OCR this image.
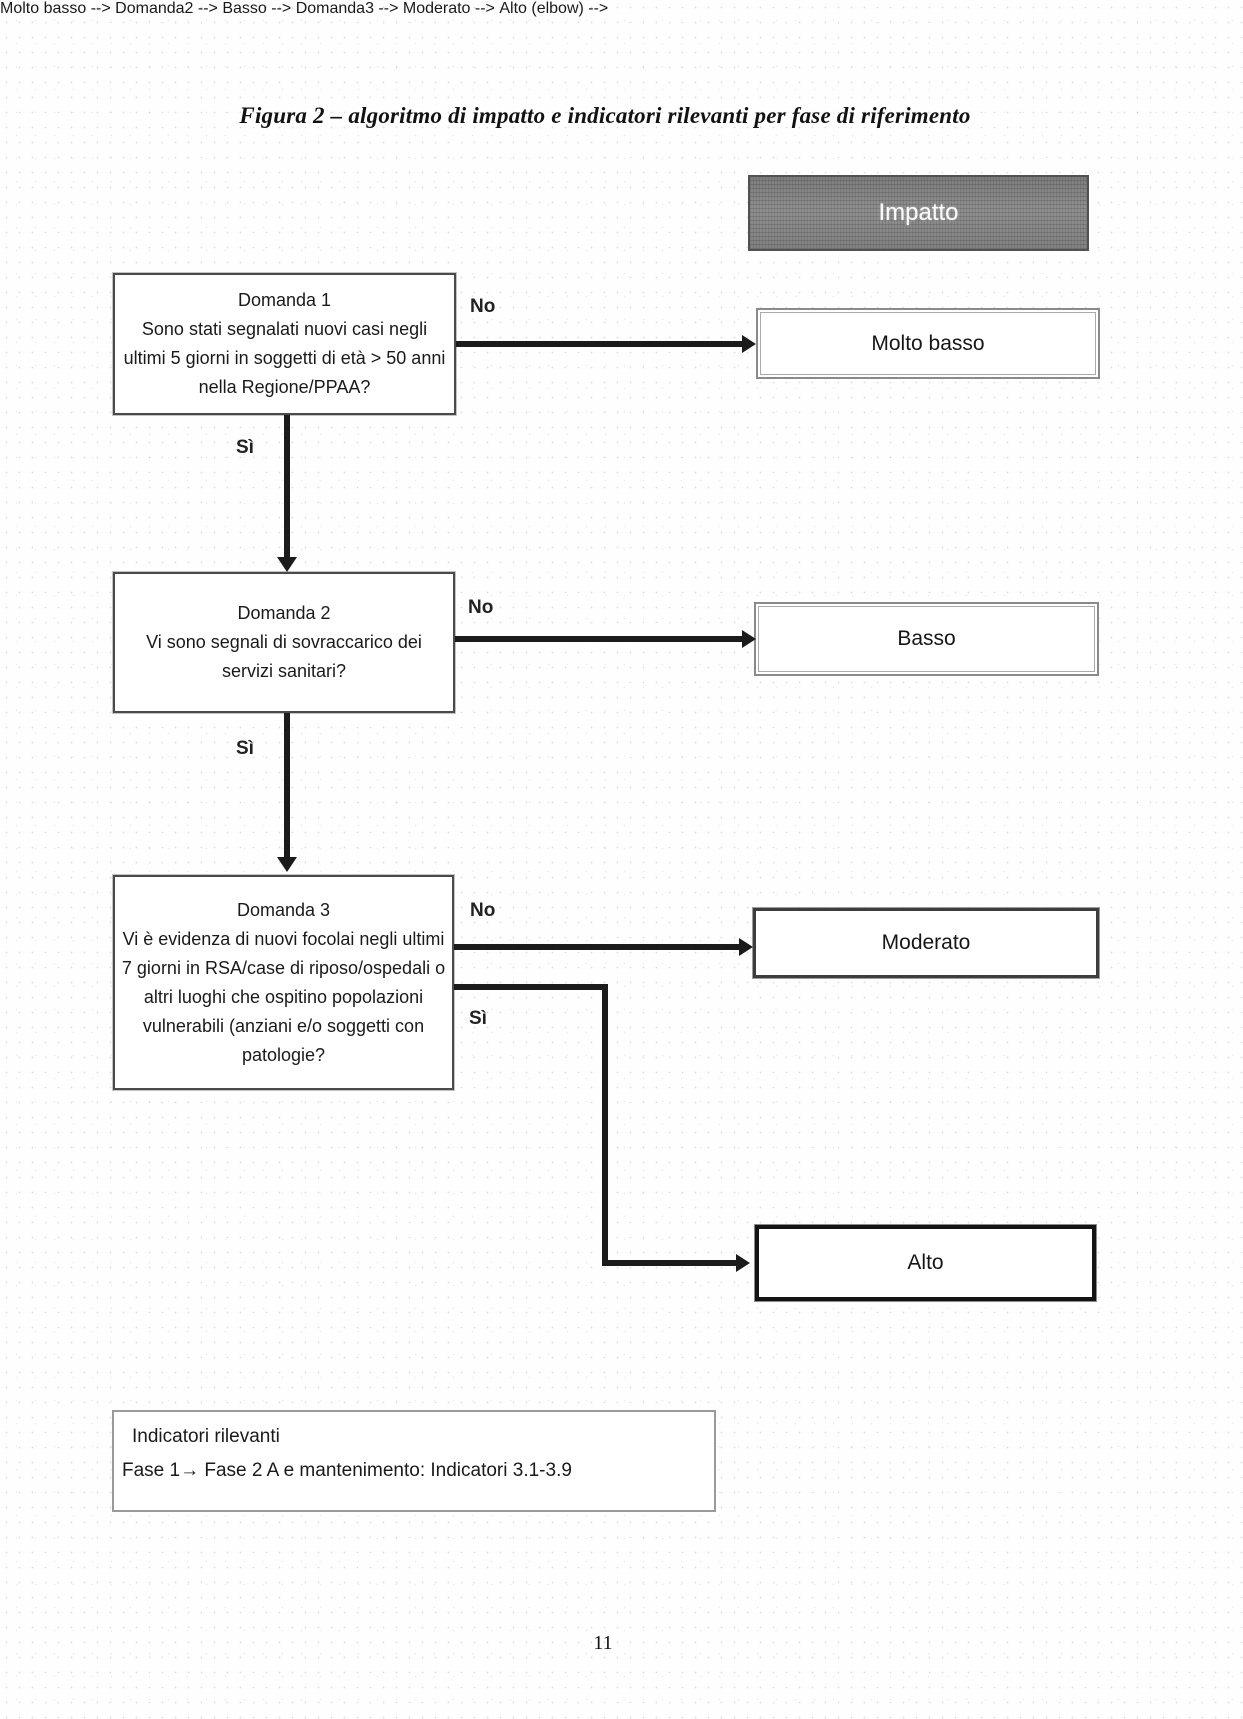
Figura 2 – algoritmo di impatto e indicatori rilevanti per fase di riferimento
Impatto
Domanda 1
Sono stati segnalati nuovi casi negli ultimi 5 giorni in soggetti di età > 50 anni nella Regione/PPAA?
Domanda 2
Vi sono segnali di sovraccarico dei servizi sanitari?
Domanda 3
Vi è evidenza di nuovi focolai negli ultimi 7 giorni in RSA/case di riposo/ospedali o altri luoghi che ospitino popolazioni vulnerabili (anziani e/o soggetti con patologie?
Molto basso
Basso
Moderato
Alto
Molto basso -->
No
Domanda2 -->
Sì
Basso -->
No
Domanda3 -->
Sì
Moderato -->
No
Alto (elbow) -->
Sì
Indicatori rilevanti
Fase 1→ Fase 2 A e mantenimento: Indicatori 3.1-3.9
11
